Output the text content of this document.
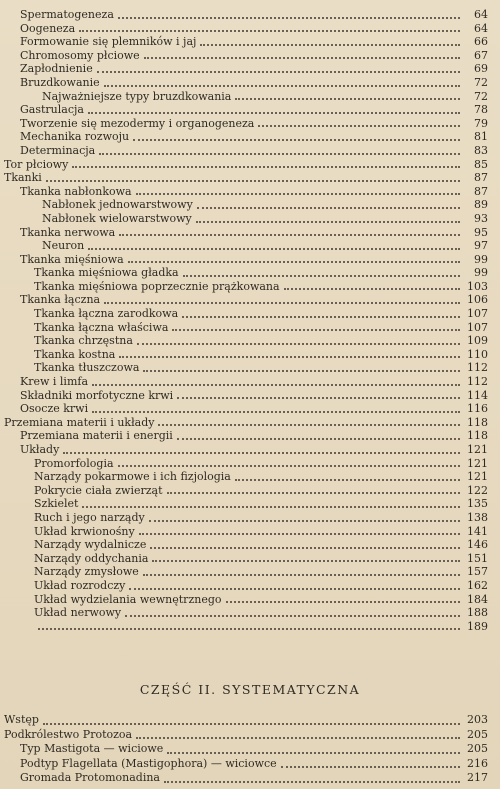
Spermatogeneza	64
Oogeneza	64
Formowanie się plemników i jaj	66
Chromosomy płciowe	67
Zapłodnienie	69
Bruzdkowanie	72
Najważniejsze typy bruzdkowania	72
Gastrulacja	78
Tworzenie się mezodermy i organogeneza	79
Mechanika rozwoju	81
Determinacja	83
Tor płciowy	85
Tkanki	87
Tkanka nabłonkowa	87
Nabłonek jednowarstwowy	89
Nabłonek wielowarstwowy	93
Tkanka nerwowa	95
Neuron	97
Tkanka mięśniowa	99
Tkanka mięśniowa gładka	99
Tkanka mięśniowa poprzecznie prążkowana	103
Tkanka łączna	106
Tkanka łączna zarodkowa	107
Tkanka łączna właściwa	107
Tkanka chrzęstna	109
Tkanka kostna	110
Tkanka tłuszczowa	112
Krew i limfa	112
Składniki morfotyczne krwi	114
Osocze krwi	116
Przemiana materii i układy	118
Przemiana materii i energii	118
Układy	121
Promorfologia	121
Narządy pokarmowe i ich fizjologia	121
Pokrycie ciała zwierząt	122
Szkielet	135
Ruch i jego narządy	138
Układ krwionośny	141
Narządy wydalnicze	146
Narządy oddychania	151
Narządy zmysłowe	157
Układ rozrodczy	162
Układ wydzielania wewnętrznego	184
Układ nerwowy	188
189
CZĘŚĆ II. SYSTEMATYCZNA
Wstęp	203
Podkrólestwo Protozoa	205
Typ Mastigota — wiciowe	205
Podtyp Flagellata (Mastigophora) — wiciowce	216
Gromada Protomonadina	217
